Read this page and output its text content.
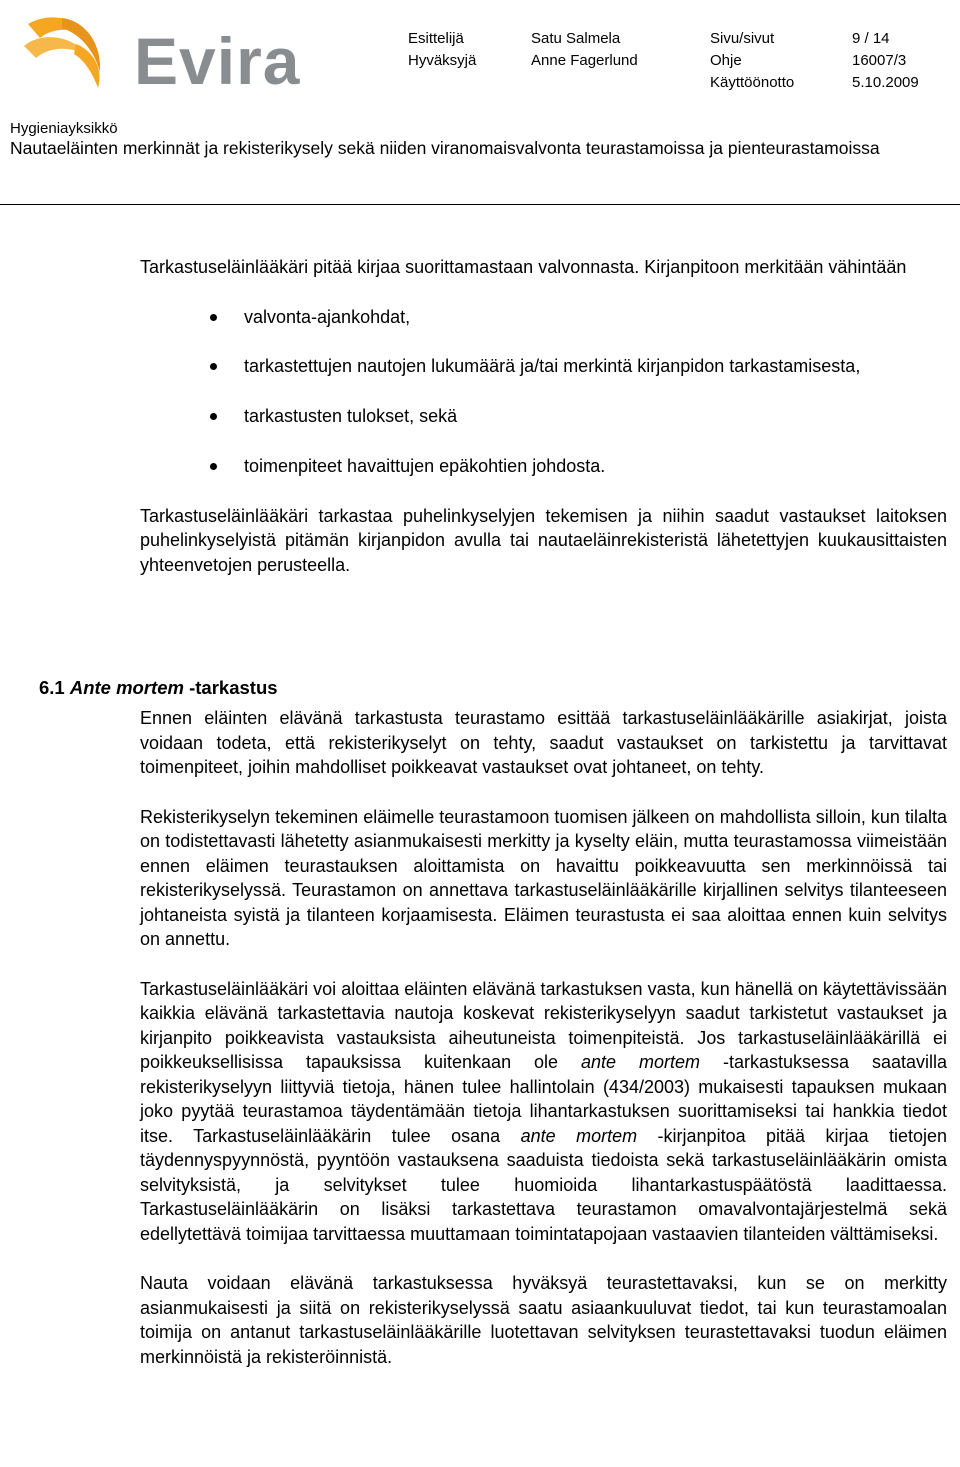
Evira	Esittelijä	Satu Salmela	Sivu/sivut	9 / 14
Hyväksyjä	Anne Fagerlund	Ohje	16007/3
Käyttöönotto	5.10.2009
Hygieniayksikkö
Nautaeläinten merkinnät ja rekisterikysely sekä niiden viranomaisvalvonta teurastamoissa ja pienteurastamoissa

Tarkastuseläinlääkäri pitää kirjaa suorittamastaan valvonnasta. Kirjanpitoon merkitään vähintään

valvonta-ajankohdat,
tarkastettujen nautojen lukumäärä ja/tai merkintä kirjanpidon tarkastamisesta,
tarkastusten tulokset, sekä
toimenpiteet havaittujen epäkohtien johdosta.

Tarkastuseläinlääkäri tarkastaa puhelinkyselyjen tekemisen ja niihin saadut vastaukset laitoksen puhelinkyselyistä pitämän kirjanpidon avulla tai nautaeläinrekisteristä lähetettyjen kuukausittaisten yhteenvetojen perusteella.

6.1 Ante mortem -tarkastus

Ennen eläinten elävänä tarkastusta teurastamo esittää tarkastuseläinlääkärille asiakirjat, joista voidaan todeta, että rekisterikyselyt on tehty, saadut vastaukset on tarkistettu ja tarvittavat toimenpiteet, joihin mahdolliset poikkeavat vastaukset ovat johtaneet, on tehty.

Rekisterikyselyn tekeminen eläimelle teurastamoon tuomisen jälkeen on mahdollista silloin, kun tilalta on todistettavasti lähetetty asianmukaisesti merkitty ja kyselty eläin, mutta teurastamossa viimeistään ennen eläimen teurastauksen aloittamista on havaittu poikkeavuutta sen merkinnöissä tai rekisterikyselyssä. Teurastamon on annettava tarkastuseläinlääkärille kirjallinen selvitys tilanteeseen johtaneista syistä ja tilanteen korjaamisesta. Eläimen teurastusta ei saa aloittaa ennen kuin selvitys on annettu.

Tarkastuseläinlääkäri voi aloittaa eläinten elävänä tarkastuksen vasta, kun hänellä on käytettävissään kaikkia elävänä tarkastettavia nautoja koskevat rekisterikyselyyn saadut tarkistetut vastaukset ja kirjanpito poikkeavista vastauksista aiheutuneista toimenpiteistä. Jos tarkastuseläinlääkärillä ei poikkeuksellisissa tapauksissa kuitenkaan ole ante mortem -tarkastuksessa saatavilla rekisterikyselyyn liittyviä tietoja, hänen tulee hallintolain (434/2003) mukaisesti tapauksen mukaan joko pyytää teurastamoa täydentämään tietoja lihantarkastuksen suorittamiseksi tai hankkia tiedot itse. Tarkastuseläinlääkärin tulee osana ante mortem -kirjanpitoa pitää kirjaa tietojen täydennyspyynnöstä, pyyntöön vastauksena saaduista tiedoista sekä tarkastuseläinlääkärin omista selvityksistä, ja selvitykset tulee huomioida lihantarkastuspäätöstä laadittaessa. Tarkastuseläinlääkärin on lisäksi tarkastettava teurastamon omavalvontajärjestelmä sekä edellytettävä toimijaa tarvittaessa muuttamaan toimintatapojaan vastaavien tilanteiden välttämiseksi.

Nauta voidaan elävänä tarkastuksessa hyväksyä teurastettavaksi, kun se on merkitty asianmukaisesti ja siitä on rekisterikyselyssä saatu asiaankuuluvat tiedot, tai kun teurastamoalan toimija on antanut tarkastuseläinlääkärille luotettavan selvityksen teurastettavaksi tuodun eläimen merkinnöistä ja rekisteröinnistä.
